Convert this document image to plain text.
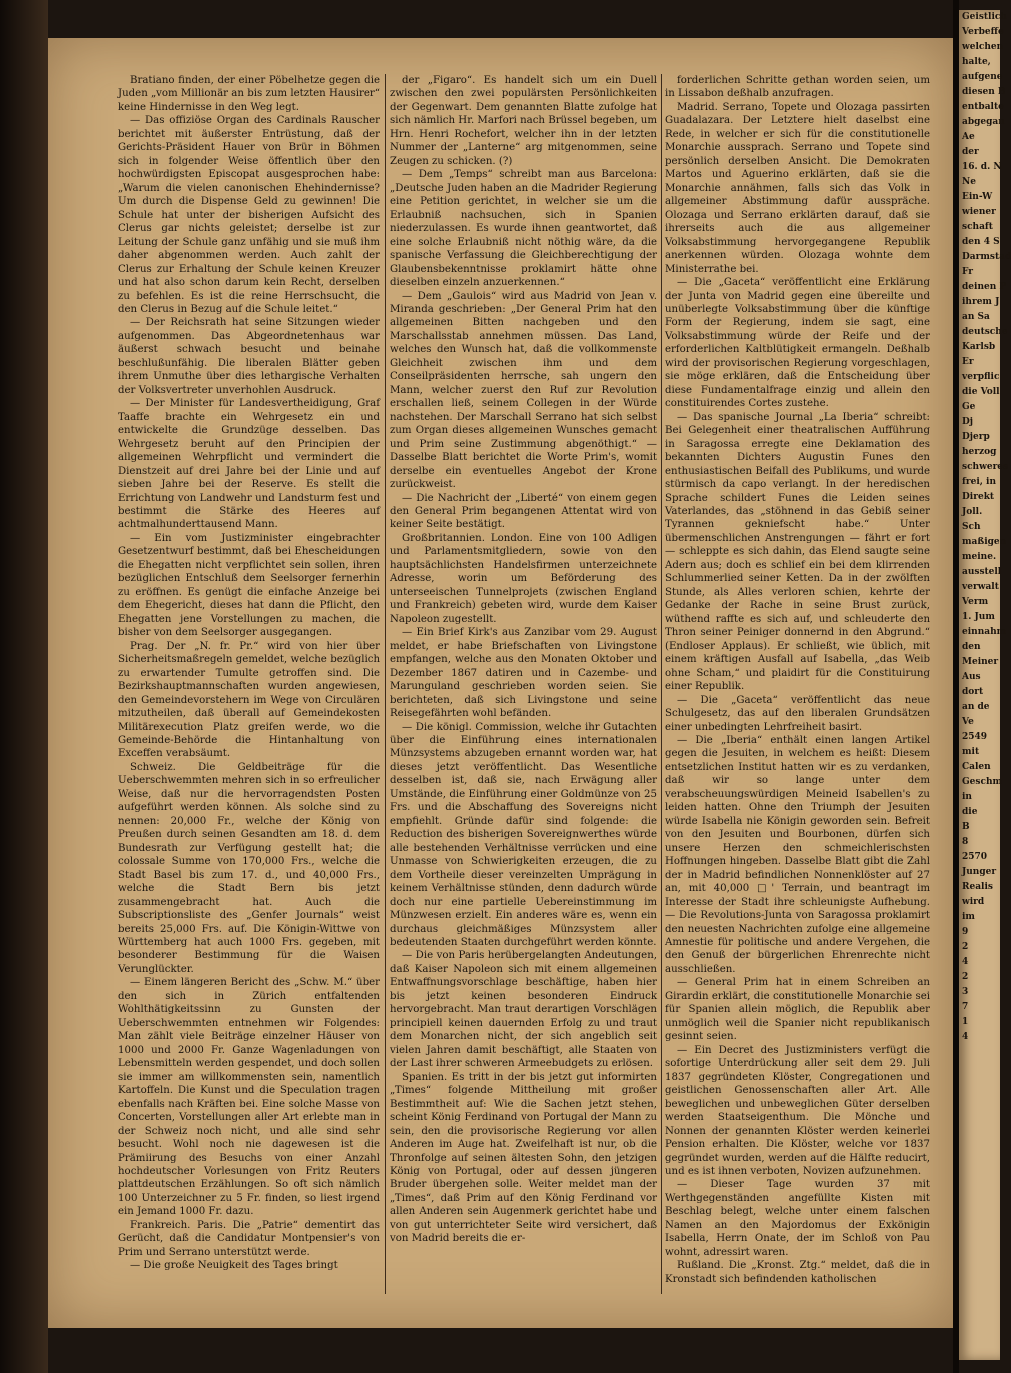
Bratiano finden, der einer Pöbelhetze gegen die Juden „vom Millionär an bis zum letzten Hausirer“ keine Hindernisse in den Weg legt.

— Das offiziöse Organ des Cardinals Rauscher berichtet mit äußerster Entrüstung, daß der Gerichts-Präsident Hauer von Brür in Böhmen sich in folgender Weise öffentlich über den hochwürdigsten Episcopat ausgesprochen habe: „Warum die vielen canonischen Ehehindernisse? Um durch die Dispense Geld zu gewinnen! Die Schule hat unter der bisherigen Aufsicht des Clerus gar nichts geleistet; derselbe ist zur Leitung der Schule ganz unfähig und sie muß ihm daher abgenommen werden. Auch zahlt der Clerus zur Erhaltung der Schule keinen Kreuzer und hat also schon darum kein Recht, derselben zu befehlen. Es ist die reine Herrschsucht, die den Clerus in Bezug auf die Schule leitet.“

— Der Reichsrath hat seine Sitzungen wieder aufgenommen. Das Abgeordnetenhaus war äußerst schwach besucht und beinahe beschlußunfähig. Die liberalen Blätter geben ihrem Unmuthe über dies lethargische Verhalten der Volksvertreter unverhohlen Ausdruck.

— Der Minister für Landesvertheidigung, Graf Taaffe brachte ein Wehrgesetz ein und entwickelte die Grundzüge desselben. Das Wehrgesetz beruht auf den Principien der allgemeinen Wehrpflicht und vermindert die Dienstzeit auf drei Jahre bei der Linie und auf sieben Jahre bei der Reserve. Es stellt die Errichtung von Landwehr und Landsturm fest und bestimmt die Stärke des Heeres auf achtmalhunderttausend Mann.

— Ein vom Justizminister eingebrachter Gesetzentwurf bestimmt, daß bei Ehescheidungen die Ehegatten nicht verpflichtet sein sollen, ihren bezüglichen Entschluß dem Seelsorger fernerhin zu eröffnen. Es genügt die einfache Anzeige bei dem Ehegericht, dieses hat dann die Pflicht, den Ehegatten jene Vorstellungen zu machen, die bisher von dem Seelsorger ausgegangen.

Prag. Der „N. fr. Pr.“ wird von hier über Sicherheitsmaßregeln gemeldet, welche bezüglich zu erwartender Tumulte getroffen sind. Die Bezirkshauptmannschaften wurden angewiesen, den Gemeindevorstehern im Wege von Circulären mitzutheilen, daß überall auf Gemeindekosten Militärexecution Platz greifen werde, wo die Gemeinde-Behörde die Hintanhaltung von Exceffen verabsäumt.

Schweiz. Die Geldbeiträge für die Ueberschwemmten mehren sich in so erfreulicher Weise, daß nur die hervorragendsten Posten aufgeführt werden können. Als solche sind zu nennen: 20,000 Fr., welche der König von Preußen durch seinen Gesandten am 18. d. dem Bundesrath zur Verfügung gestellt hat; die colossale Summe von 170,000 Frs., welche die Stadt Basel bis zum 17. d., und 40,000 Frs., welche die Stadt Bern bis jetzt zusammengebracht hat. Auch die Subscriptionsliste des „Genfer Journals“ weist bereits 25,000 Frs. auf. Die Königin-Wittwe von Württemberg hat auch 1000 Frs. gegeben, mit besonderer Bestimmung für die Waisen Verunglückter.

— Einem längeren Bericht des „Schw. M.“ über den sich in Zürich entfaltenden Wohlthätigkeitssinn zu Gunsten der Ueberschwemmten entnehmen wir Folgendes: Man zählt viele Beiträge einzelner Häuser von 1000 und 2000 Fr. Ganze Wagenladungen von Lebensmitteln werden gespendet, und doch sollen sie immer am willkommensten sein, namentlich Kartoffeln. Die Kunst und die Speculation tragen ebenfalls nach Kräften bei. Eine solche Masse von Concerten, Vorstellungen aller Art erlebte man in der Schweiz noch nicht, und alle sind sehr besucht. Wohl noch nie dagewesen ist die Prämiirung des Besuchs von einer Anzahl hochdeutscher Vorlesungen von Fritz Reuters plattdeutschen Erzählungen. So oft sich nämlich 100 Unterzeichner zu 5 Fr. finden, so liest irgend ein Jemand 1000 Fr. dazu.

Frankreich. Paris. Die „Patrie“ dementirt das Gerücht, daß die Candidatur Montpensier's von Prim und Serrano unterstützt werde.

— Die große Neuigkeit des Tages bringt

der „Figaro“. Es handelt sich um ein Duell zwischen den zwei populärsten Persönlichkeiten der Gegenwart. Dem genannten Blatte zufolge hat sich nämlich Hr. Marfori nach Brüssel begeben, um Hrn. Henri Rochefort, welcher ihn in der letzten Nummer der „Lanterne“ arg mitgenommen, seine Zeugen zu schicken. (?)

— Dem „Temps“ schreibt man aus Barcelona: „Deutsche Juden haben an die Madrider Regierung eine Petition gerichtet, in welcher sie um die Erlaubniß nachsuchen, sich in Spanien niederzulassen. Es wurde ihnen geantwortet, daß eine solche Erlaubniß nicht nöthig wäre, da die spanische Verfassung die Gleichberechtigung der Glaubensbekenntnisse proklamirt hätte ohne dieselben einzeln anzuerkennen.“

— Dem „Gaulois“ wird aus Madrid von Jean v. Miranda geschrieben: „Der General Prim hat den allgemeinen Bitten nachgeben und den Marschallsstab annehmen müssen. Das Land, welches den Wunsch hat, daß die vollkommenste Gleichheit zwischen ihm und dem Conseilpräsidenten herrsche, sah ungern den Mann, welcher zuerst den Ruf zur Revolution erschallen ließ, seinem Collegen in der Würde nachstehen. Der Marschall Serrano hat sich selbst zum Organ dieses allgemeinen Wunsches gemacht und Prim seine Zustimmung abgenöthigt.“ — Dasselbe Blatt berichtet die Worte Prim's, womit derselbe ein eventuelles Angebot der Krone zurückweist.

— Die Nachricht der „Liberté“ von einem gegen den General Prim begangenen Attentat wird von keiner Seite bestätigt.

Großbritannien. London. Eine von 100 Adligen und Parlamentsmitgliedern, sowie von den hauptsächlichsten Handelsfirmen unterzeichnete Adresse, worin um Beförderung des unterseeischen Tunnelprojets (zwischen England und Frankreich) gebeten wird, wurde dem Kaiser Napoleon zugestellt.

— Ein Brief Kirk's aus Zanzibar vom 29. August meldet, er habe Briefschaften von Livingstone empfangen, welche aus den Monaten Oktober und Dezember 1867 datiren und in Cazembe- und Marunguland geschrieben worden seien. Sie berichteten, daß sich Livingstone und seine Reisegefährten wohl befänden.

— Die königl. Commission, welche ihr Gutachten über die Einführung eines internationalen Münzsystems abzugeben ernannt worden war, hat dieses jetzt veröffentlicht. Das Wesentliche desselben ist, daß sie, nach Erwägung aller Umstände, die Einführung einer Goldmünze von 25 Frs. und die Abschaffung des Sovereigns nicht empfiehlt. Gründe dafür sind folgende: die Reduction des bisherigen Sovereignwerthes würde alle bestehenden Verhältnisse verrücken und eine Unmasse von Schwierigkeiten erzeugen, die zu dem Vortheile dieser vereinzelten Umprägung in keinem Verhältnisse stünden, denn dadurch würde doch nur eine partielle Uebereinstimmung im Münzwesen erzielt. Ein anderes wäre es, wenn ein durchaus gleichmäßiges Münzsystem aller bedeutenden Staaten durchgeführt werden könnte.

— Die von Paris herübergelangten Andeutungen, daß Kaiser Napoleon sich mit einem allgemeinen Entwaffnungsvorschlage beschäftige, haben hier bis jetzt keinen besonderen Eindruck hervorgebracht. Man traut derartigen Vorschlägen principiell keinen dauernden Erfolg zu und traut dem Monarchen nicht, der sich angeblich seit vielen Jahren damit beschäftigt, alle Staaten von der Last ihrer schweren Armeebudgets zu erlösen.

Spanien. Es tritt in der bis jetzt gut informirten „Times“ folgende Mittheilung mit großer Bestimmtheit auf: Wie die Sachen jetzt stehen, scheint König Ferdinand von Portugal der Mann zu sein, den die provisorische Regierung vor allen Anderen im Auge hat. Zweifelhaft ist nur, ob die Thronfolge auf seinen ältesten Sohn, den jetzigen König von Portugal, oder auf dessen jüngeren Bruder übergehen solle. Weiter meldet man der „Times“, daß Prim auf den König Ferdinand vor allen Anderen sein Augenmerk gerichtet habe und von gut unterrichteter Seite wird versichert, daß von Madrid bereits die er-

forderlichen Schritte gethan worden seien, um in Lissabon deßhalb anzufragen.

Madrid. Serrano, Topete und Olozaga passirten Guadalazara. Der Letztere hielt daselbst eine Rede, in welcher er sich für die constitutionelle Monarchie aussprach. Serrano und Topete sind persönlich derselben Ansicht. Die Demokraten Martos und Aguerino erklärten, daß sie die Monarchie annähmen, falls sich das Volk in allgemeiner Abstimmung dafür ausspräche. Olozaga und Serrano erklärten darauf, daß sie ihrerseits auch die aus allgemeiner Volksabstimmung hervorgegangene Republik anerkennen würden. Olozaga wohnte dem Ministerrathe bei.

— Die „Gaceta“ veröffentlicht eine Erklärung der Junta von Madrid gegen eine übereilte und unüberlegte Volksabstimmung über die künftige Form der Regierung, indem sie sagt, eine Volksabstimmung würde der Reife und der erforderlichen Kaltblütigkeit ermangeln. Deßhalb wird der provisorischen Regierung vorgeschlagen, sie möge erklären, daß die Entscheidung über diese Fundamentalfrage einzig und allein den constituirendes Cortes zustehe.

— Das spanische Journal „La Iberia“ schreibt: Bei Gelegenheit einer theatralischen Aufführung in Saragossa erregte eine Deklamation des bekannten Dichters Augustin Funes den enthusiastischen Beifall des Publikums, und wurde stürmisch da capo verlangt. In der heredischen Sprache schildert Funes die Leiden seines Vaterlandes, das „stöhnend in das Gebiß seiner Tyrannen gekniefscht habe.“ Unter übermenschlichen Anstrengungen — fährt er fort — schleppte es sich dahin, das Elend saugte seine Adern aus; doch es schlief ein bei dem klirrenden Schlummerlied seiner Ketten. Da in der zwölften Stunde, als Alles verloren schien, kehrte der Gedanke der Rache in seine Brust zurück, wüthend raffte es sich auf, und schleuderte den Thron seiner Peiniger donnernd in den Abgrund.“ (Endloser Applaus). Er schließt, wie üblich, mit einem kräftigen Ausfall auf Isabella, „das Weib ohne Scham,“ und plaidirt für die Constituirung einer Republik.

— Die „Gaceta“ veröffentlicht das neue Schulgesetz, das auf den liberalen Grundsätzen einer unbedingten Lehrfreiheit basirt.

— Die „Iberia“ enthält einen langen Artikel gegen die Jesuiten, in welchem es heißt: Diesem entsetzlichen Institut hatten wir es zu verdanken, daß wir so lange unter dem verabscheuungswürdigen Meineid Isabellen's zu leiden hatten. Ohne den Triumph der Jesuiten würde Isabella nie Königin geworden sein. Befreit von den Jesuiten und Bourbonen, dürfen sich unsere Herzen den schmeichlerischsten Hoffnungen hingeben. Dasselbe Blatt gibt die Zahl der in Madrid befindlichen Nonnenklöster auf 27 an, mit 40,000 □' Terrain, und beantragt im Interesse der Stadt ihre schleunigste Aufhebung. — Die Revolutions-Junta von Saragossa proklamirt den neuesten Nachrichten zufolge eine allgemeine Amnestie für politische und andere Vergehen, die den Genuß der bürgerlichen Ehrenrechte nicht ausschließen.

— General Prim hat in einem Schreiben an Girardin erklärt, die constitutionelle Monarchie sei für Spanien allein möglich, die Republik aber unmöglich weil die Spanier nicht republikanisch gesinnt seien.

— Ein Decret des Justizministers verfügt die sofortige Unterdrückung aller seit dem 29. Juli 1837 gegründeten Klöster, Congregationen und geistlichen Genossenschaften aller Art. Alle beweglichen und unbeweglichen Güter derselben werden Staatseigenthum. Die Mönche und Nonnen der genannten Klöster werden keinerlei Pension erhalten. Die Klöster, welche vor 1837 gegründet wurden, werden auf die Hälfte reducirt, und es ist ihnen verboten, Novizen aufzunehmen.

— Dieser Tage wurden 37 mit Werthgegenständen angefüllte Kisten mit Beschlag belegt, welche unter einem falschen Namen an den Majordomus der Exkönigin Isabella, Herrn Onate, der im Schloß von Pau wohnt, adressirt waren.

Rußland. Die „Kronst. Ztg.“ meldet, daß die in Kronstadt sich befindenden katholischen

Geistlich
Verbeffe
welchen
halte,
aufgene
diesen B
entbalte
abgegan
Ae
der
16. d. N
Ne
Ein-W
wiener
schaft
den 4 S
Darmstad
Fr
deinen P
ihrem J
an Sa
deutsche
Karlsb
Er
verpflic
die Voll
Ge
Dj
Djerp
herzog
schweres
frei, in
Direkt
Joll.
Sch
maßigen
meine.
ausstell
verwalt
Verm
1. Jum
einnahm
den
Meiner
Aus
dort
an de
Ve
2549
mit
Calen
Geschm
in
die
B
8
2570
Junger
Realis
wird
im
9
2
4
2
3
7
1
4
